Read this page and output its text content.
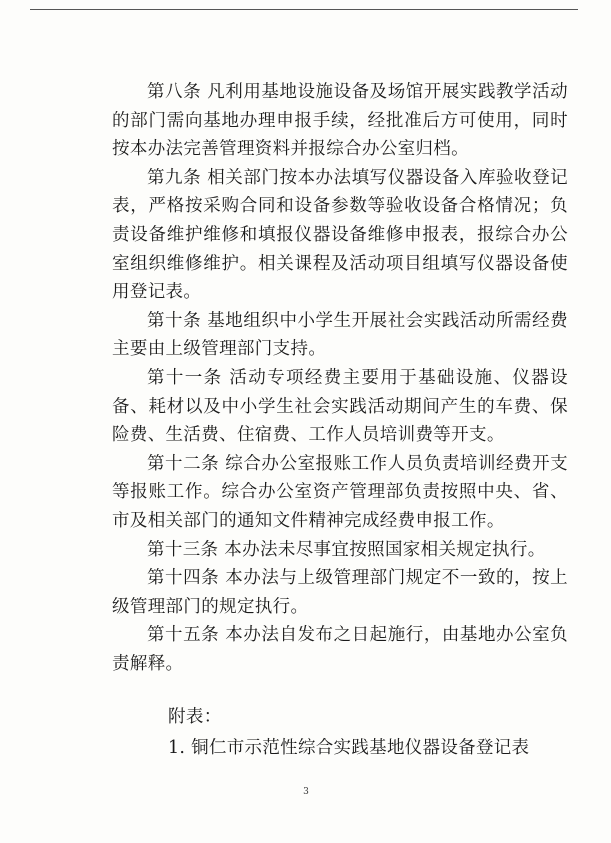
第八条 凡利用基地设施设备及场馆开展实践教学活动的部门需向基地办理申报手续，经批准后方可使用，同时按本办法完善管理资料并报综合办公室归档。

第九条 相关部门按本办法填写仪器设备入库验收登记表，严格按采购合同和设备参数等验收设备合格情况；负责设备维护维修和填报仪器设备维修申报表，报综合办公室组织维修维护。相关课程及活动项目组填写仪器设备使用登记表。

第十条 基地组织中小学生开展社会实践活动所需经费主要由上级管理部门支持。

第十一条 活动专项经费主要用于基础设施、仪器设备、耗材以及中小学生社会实践活动期间产生的车费、保险费、生活费、住宿费、工作人员培训费等开支。

第十二条 综合办公室报账工作人员负责培训经费开支等报账工作。综合办公室资产管理部负责按照中央、省、市及相关部门的通知文件精神完成经费申报工作。

第十三条 本办法未尽事宜按照国家相关规定执行。

第十四条 本办法与上级管理部门规定不一致的，按上级管理部门的规定执行。

第十五条 本办法自发布之日起施行，由基地办公室负责解释。

附表：
1. 铜仁市示范性综合实践基地仪器设备登记表
3
